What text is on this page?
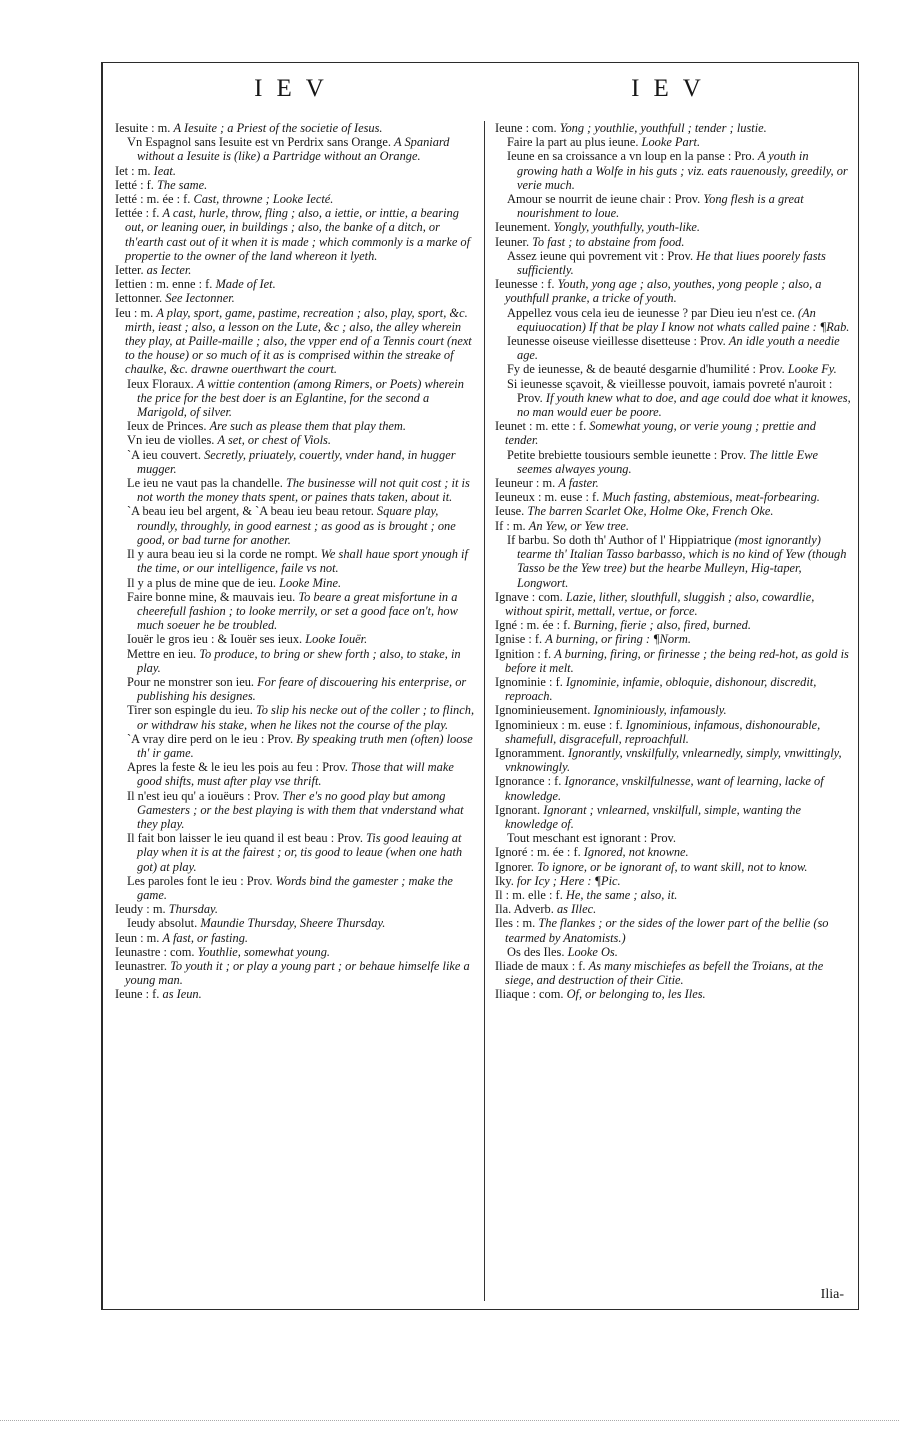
IEV

Iesuite : m. A Iesuite ; a Priest of the societie of Iesus.

Vn Espagnol sans Iesuite est vn Perdrix sans Orange. A Spaniard without a Iesuite is (like) a Partridge without an Orange.

Iet : m. Ieat.

Ietté : f. The same.

Ietté : m. ée : f. Cast, throwne ; Looke Iecté.

Iettée : f. A cast, hurle, throw, fling ; also, a iettie, or inttie, a bearing out, or leaning ouer, in buildings ; also, the banke of a ditch, or th'earth cast out of it when it is made ; which commonly is a marke of propertie to the owner of the land whereon it lyeth.

Ietter. as Iecter.

Iettien : m. enne : f. Made of Iet.

Iettonner. See Iectonner.

Ieu : m. A play, sport, game, pastime, recreation ; also, play, sport, &c. mirth, ieast ; also, a lesson on the Lute, &c ; also, the alley wherein they play, at Paille-maille ; also, the vpper end of a Tennis court (next to the house) or so much of it as is comprised within the streake of chaulke, &c. drawne ouerthwart the court.

Ieux Floraux. A wittie contention (among Rimers, or Poets) wherein the price for the best doer is an Eglantine, for the second a Marigold, of silver.

Ieux de Princes. Are such as please them that play them.

Vn ieu de violles. A set, or chest of Viols.

`A ieu couvert. Secretly, priuately, couertly, vnder hand, in hugger mugger.

Le ieu ne vaut pas la chandelle. The businesse will not quit cost ; it is not worth the money thats spent, or paines thats taken, about it.

`A beau ieu bel argent, & `A beau ieu beau retour. Square play, roundly, throughly, in good earnest ; as good as is brought ; one good, or bad turne for another.

Il y aura beau ieu si la corde ne rompt. We shall haue sport ynough if the time, or our intelligence, faile vs not.

Il y a plus de mine que de ieu. Looke Mine.

Faire bonne mine, & mauvais ieu. To beare a great misfortune in a cheerefull fashion ; to looke merrily, or set a good face on't, how much soeuer he be troubled.

Iouër le gros ieu : & Iouër ses ieux. Looke Iouër.

Mettre en ieu. To produce, to bring or shew forth ; also, to stake, in play.

Pour ne monstrer son ieu. For feare of discouering his enterprise, or publishing his designes.

Tirer son espingle du ieu. To slip his necke out of the coller ; to flinch, or withdraw his stake, when he likes not the course of the play.

`A vray dire perd on le ieu : Prov. By speaking truth men (often) loose th' ir game.

Apres la feste & le ieu les pois au feu : Prov. Those that will make good shifts, must after play vse thrift.

Il n'est ieu qu' a iouëurs : Prov. Ther e's no good play but among Gamesters ; or the best playing is with them that vnderstand what they play.

Il fait bon laisser le ieu quand il est beau : Prov. Tis good leauing at play when it is at the fairest ; or, tis good to leaue (when one hath got) at play.

Les paroles font le ieu : Prov. Words bind the gamester ; make the game.

Ieudy : m. Thursday.

Ieudy absolut. Maundie Thursday, Sheere Thursday.

Ieun : m. A fast, or fasting.

Ieunastre : com. Youthlie, somewhat young.

Ieunastrer. To youth it ; or play a young part ; or behaue himselfe like a young man.

Ieune : f. as Ieun.

IEV

Ieune : com. Yong ; youthlie, youthfull ; tender ; lustie.

Faire la part au plus ieune. Looke Part.

Ieune en sa croissance a vn loup en la panse : Pro. A youth in growing hath a Wolfe in his guts ; viz. eats rauenously, greedily, or verie much.

Amour se nourrit de ieune chair : Prov. Yong flesh is a great nourishment to loue.

Ieunement. Yongly, youthfully, youth-like.

Ieuner. To fast ; to abstaine from food.

Assez ieune qui povrement vit : Prov. He that liues poorely fasts sufficiently.

Ieunesse : f. Youth, yong age ; also, youthes, yong people ; also, a youthfull pranke, a tricke of youth.

Appellez vous cela ieu de ieunesse ? par Dieu ieu n'est ce. (An equiuocation) If that be play I know not whats called paine : ¶Rab.

Ieunesse oiseuse vieillesse disetteuse : Prov. An idle youth a needie age.

Fy de ieunesse, & de beauté desgarnie d'humilité : Prov. Looke Fy.

Si ieunesse sçavoit, & vieillesse pouvoit, iamais povreté n'auroit : Prov. If youth knew what to doe, and age could doe what it knowes, no man would euer be poore.

Ieunet : m. ette : f. Somewhat young, or verie young ; prettie and tender.

Petite brebiette tousiours semble ieunette : Prov. The little Ewe seemes alwayes young.

Ieuneur : m. A faster.

Ieuneux : m. euse : f. Much fasting, abstemious, meat-forbearing.

Ieuse. The barren Scarlet Oke, Holme Oke, French Oke.

If : m. An Yew, or Yew tree.

If barbu. So doth th' Author of l' Hippiatrique (most ignorantly) tearme th' Italian Tasso barbasso, which is no kind of Yew (though Tasso be the Yew tree) but the hearbe Mulleyn, Hig-taper, Longwort.

Ignave : com. Lazie, lither, slouthfull, sluggish ; also, cowardlie, without spirit, mettall, vertue, or force.

Igné : m. ée : f. Burning, fierie ; also, fired, burned.

Ignise : f. A burning, or firing : ¶Norm.

Ignition : f. A burning, firing, or firinesse ; the being red-hot, as gold is before it melt.

Ignominie : f. Ignominie, infamie, obloquie, dishonour, discredit, reproach.

Ignominieusement. Ignominiously, infamously.

Ignominieux : m. euse : f. Ignominious, infamous, dishonourable, shamefull, disgracefull, reproachfull.

Ignoramment. Ignorantly, vnskilfully, vnlearnedly, simply, vnwittingly, vnknowingly.

Ignorance : f. Ignorance, vnskilfulnesse, want of learning, lacke of knowledge.

Ignorant. Ignorant ; vnlearned, vnskilfull, simple, wanting the knowledge of.

Tout meschant est ignorant : Prov.

Ignoré : m. ée : f. Ignored, not knowne.

Ignorer. To ignore, or be ignorant of, to want skill, not to know.

Iky. for Icy ; Here : ¶Pic.

Il : m. elle : f. He, the same ; also, it.

Ila. Adverb. as Illec.

Iles : m. The flankes ; or the sides of the lower part of the bellie (so tearmed by Anatomists.)

Os des Iles. Looke Os.

Iliade de maux : f. As many mischiefes as befell the Troians, at the siege, and destruction of their Citie.

Iliaque : com. Of, or belonging to, les Iles.

Ilia-
